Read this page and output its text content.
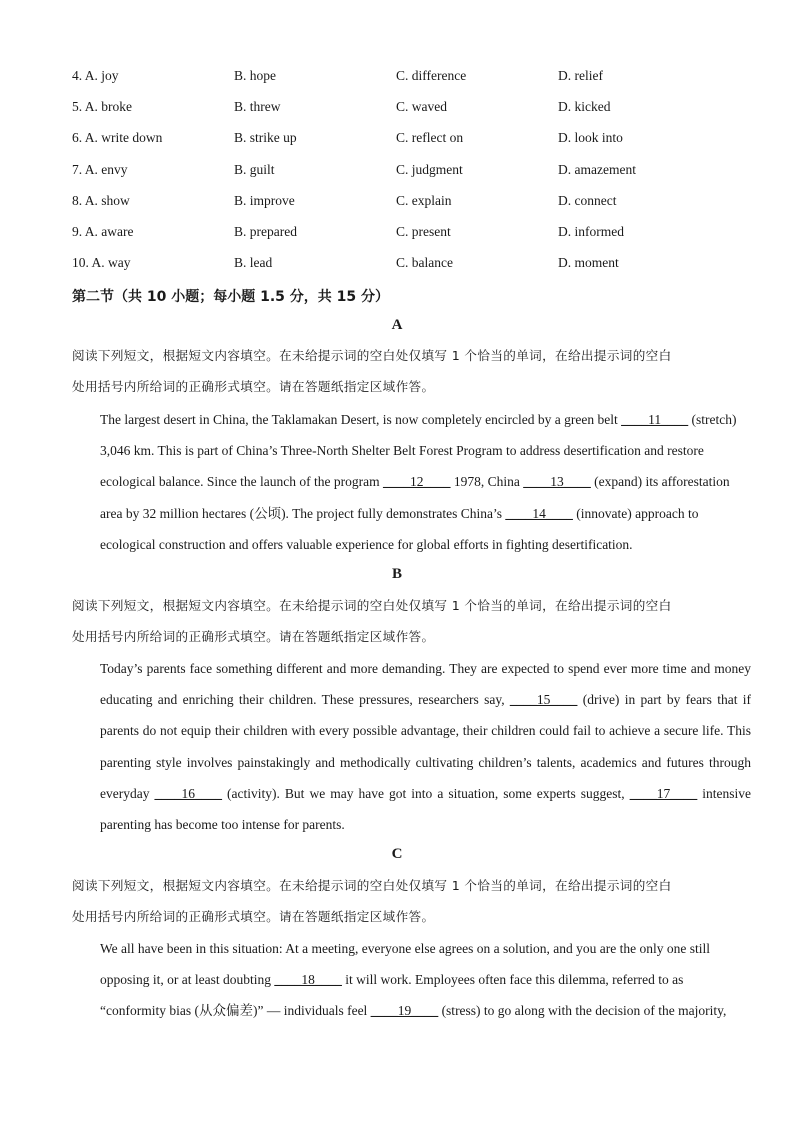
4. A. joy	B. hope	C. difference	D. relief
5. A. broke	B. threw	C. waved	D. kicked
6. A. write down	B. strike up	C. reflect on	D. look into
7. A. envy	B. guilt	C. judgment	D. amazement
8. A. show	B. improve	C. explain	D. connect
9. A. aware	B. prepared	C. present	D. informed
10. A. way	B. lead	C. balance	D. moment
第二节（共 10 小题；每小题 1.5 分，共 15 分）
A
阅读下列短文，根据短文内容填空。在未给提示词的空白处仅填写 1 个恰当的单词，在给出提示词的空白
处用括号内所给词的正确形式填空。请在答题纸指定区域作答。

The largest desert in China, the Taklamakan Desert, is now completely encircled by a green belt ____11____ (stretch) 3,046 km. This is part of China’s Three-North Shelter Belt Forest Program to address desertification and restore ecological balance. Since the launch of the program ____12____ 1978, China ____13____ (expand) its afforestation area by 32 million hectares (公顷). The project fully demonstrates China’s ____14____ (innovate) approach to ecological construction and offers valuable experience for global efforts in fighting desertification.

B
阅读下列短文，根据短文内容填空。在未给提示词的空白处仅填写 1 个恰当的单词，在给出提示词的空白
处用括号内所给词的正确形式填空。请在答题纸指定区域作答。

Today’s parents face something different and more demanding. They are expected to spend ever more time and money educating and enriching their children. These pressures, researchers say, ____15____ (drive) in part by fears that if parents do not equip their children with every possible advantage, their children could fail to achieve a secure life. This parenting style involves painstakingly and methodically cultivating children’s talents, academics and futures through everyday ____16____ (activity). But we may have got into a situation, some experts suggest, ____17____ intensive parenting has become too intense for parents.

C
阅读下列短文，根据短文内容填空。在未给提示词的空白处仅填写 1 个恰当的单词，在给出提示词的空白
处用括号内所给词的正确形式填空。请在答题纸指定区域作答。

We all have been in this situation: At a meeting, everyone else agrees on a solution, and you are the only one still opposing it, or at least doubting ____18____ it will work. Employees often face this dilemma, referred to as “conformity bias (从众偏差)” — individuals feel ____19____ (stress) to go along with the decision of the majority,
